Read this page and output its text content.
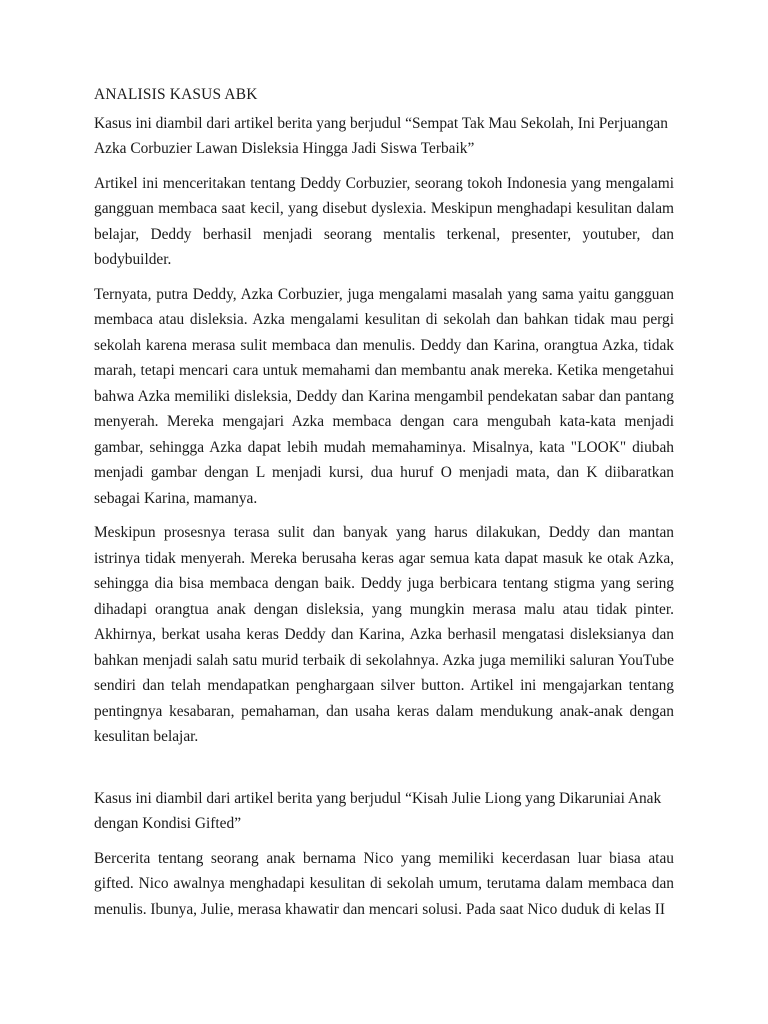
ANALISIS KASUS ABK

Kasus ini diambil dari artikel berita yang berjudul “Sempat Tak Mau Sekolah, Ini Perjuangan Azka Corbuzier Lawan Disleksia Hingga Jadi Siswa Terbaik”

Artikel ini menceritakan tentang Deddy Corbuzier, seorang tokoh Indonesia yang mengalami gangguan membaca saat kecil, yang disebut dyslexia. Meskipun menghadapi kesulitan dalam belajar, Deddy berhasil menjadi seorang mentalis terkenal, presenter, youtuber, dan bodybuilder.

Ternyata, putra Deddy, Azka Corbuzier, juga mengalami masalah yang sama yaitu gangguan membaca atau disleksia. Azka mengalami kesulitan di sekolah dan bahkan tidak mau pergi sekolah karena merasa sulit membaca dan menulis. Deddy dan Karina, orangtua Azka, tidak marah, tetapi mencari cara untuk memahami dan membantu anak mereka. Ketika mengetahui bahwa Azka memiliki disleksia, Deddy dan Karina mengambil pendekatan sabar dan pantang menyerah. Mereka mengajari Azka membaca dengan cara mengubah kata-kata menjadi gambar, sehingga Azka dapat lebih mudah memahaminya. Misalnya, kata "LOOK" diubah menjadi gambar dengan L menjadi kursi, dua huruf O menjadi mata, dan K diibaratkan sebagai Karina, mamanya.

Meskipun prosesnya terasa sulit dan banyak yang harus dilakukan, Deddy dan mantan istrinya tidak menyerah. Mereka berusaha keras agar semua kata dapat masuk ke otak Azka, sehingga dia bisa membaca dengan baik. Deddy juga berbicara tentang stigma yang sering dihadapi orangtua anak dengan disleksia, yang mungkin merasa malu atau tidak pinter. Akhirnya, berkat usaha keras Deddy dan Karina, Azka berhasil mengatasi disleksianya dan bahkan menjadi salah satu murid terbaik di sekolahnya. Azka juga memiliki saluran YouTube sendiri dan telah mendapatkan penghargaan silver button. Artikel ini mengajarkan tentang pentingnya kesabaran, pemahaman, dan usaha keras dalam mendukung anak-anak dengan kesulitan belajar.

Kasus ini diambil dari artikel berita yang berjudul “Kisah Julie Liong yang Dikaruniai Anak dengan Kondisi Gifted”

Bercerita tentang seorang anak bernama Nico yang memiliki kecerdasan luar biasa atau gifted. Nico awalnya menghadapi kesulitan di sekolah umum, terutama dalam membaca dan menulis. Ibunya, Julie, merasa khawatir dan mencari solusi. Pada saat Nico duduk di kelas II
